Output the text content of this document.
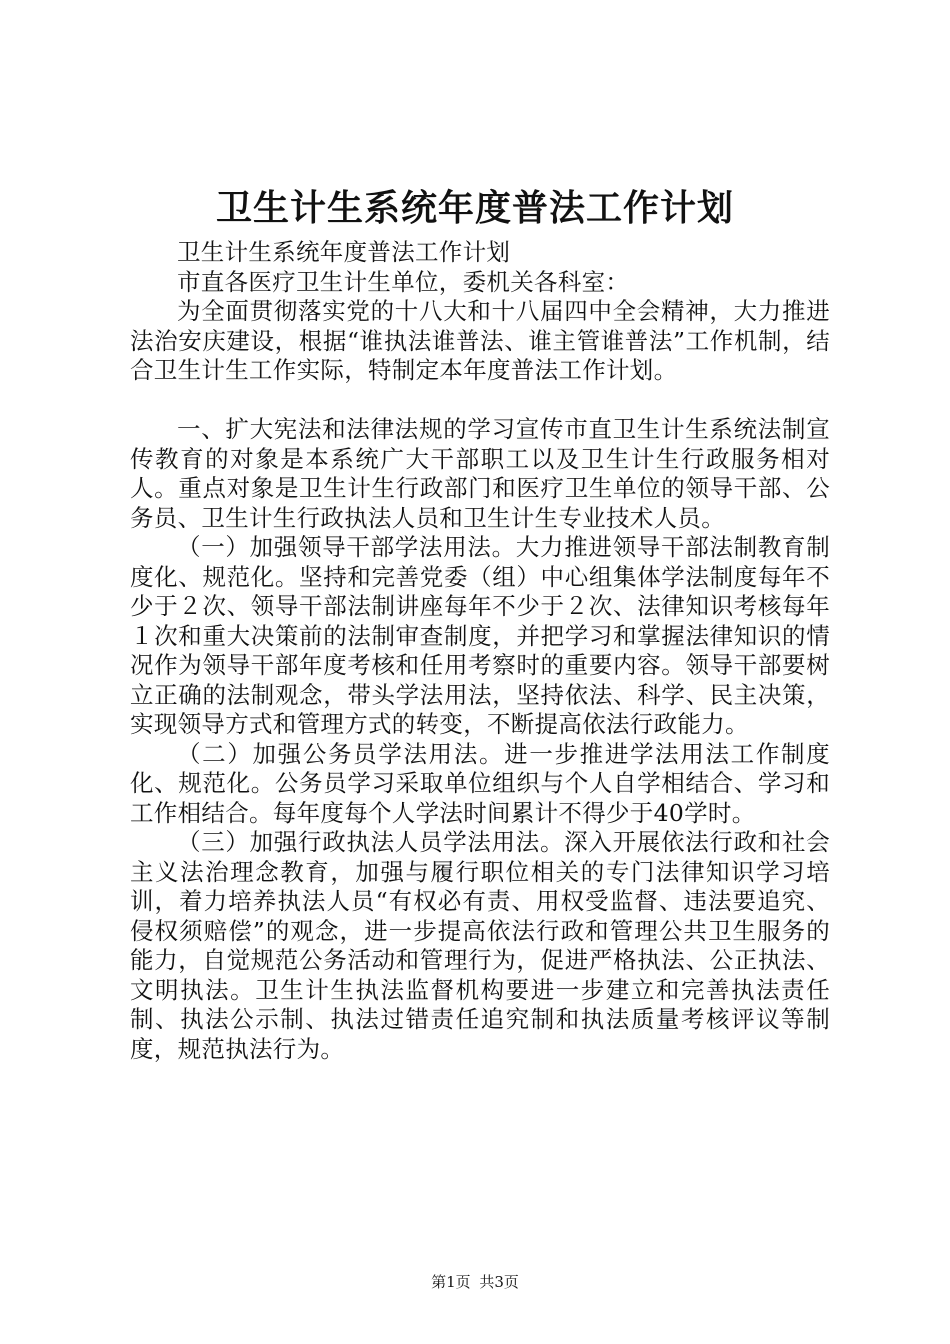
卫生计生系统年度普法工作计划

卫生计生系统年度普法工作计划

市直各医疗卫生计生单位，委机关各科室：

为全面贯彻落实党的十八大和十八届四中全会精神，大力推进法治安庆建设，根据“谁执法谁普法、谁主管谁普法”工作机制，结合卫生计生工作实际，特制定本年度普法工作计划。

一、扩大宪法和法律法规的学习宣传市直卫生计生系统法制宣传教育的对象是本系统广大干部职工以及卫生计生行政服务相对人。重点对象是卫生计生行政部门和医疗卫生单位的领导干部、公务员、卫生计生行政执法人员和卫生计生专业技术人员。

（一）加强领导干部学法用法。大力推进领导干部法制教育制度化、规范化。坚持和完善党委（组）中心组集体学法制度每年不少于２次、领导干部法制讲座每年不少于２次、法律知识考核每年１次和重大决策前的法制审查制度，并把学习和掌握法律知识的情况作为领导干部年度考核和任用考察时的重要内容。领导干部要树立正确的法制观念，带头学法用法，坚持依法、科学、民主决策，实现领导方式和管理方式的转变，不断提高依法行政能力。

（二）加强公务员学法用法。进一步推进学法用法工作制度化、规范化。公务员学习采取单位组织与个人自学相结合、学习和工作相结合。每年度每个人学法时间累计不得少于40学时。

（三）加强行政执法人员学法用法。深入开展依法行政和社会主义法治理念教育，加强与履行职位相关的专门法律知识学习培训，着力培养执法人员“有权必有责、用权受监督、违法要追究、侵权须赔偿”的观念，进一步提高依法行政和管理公共卫生服务的能力，自觉规范公务活动和管理行为，促进严格执法、公正执法、文明执法。卫生计生执法监督机构要进一步建立和完善执法责任制、执法公示制、执法过错责任追究制和执法质量考核评议等制度，规范执法行为。

第1页 共3页
